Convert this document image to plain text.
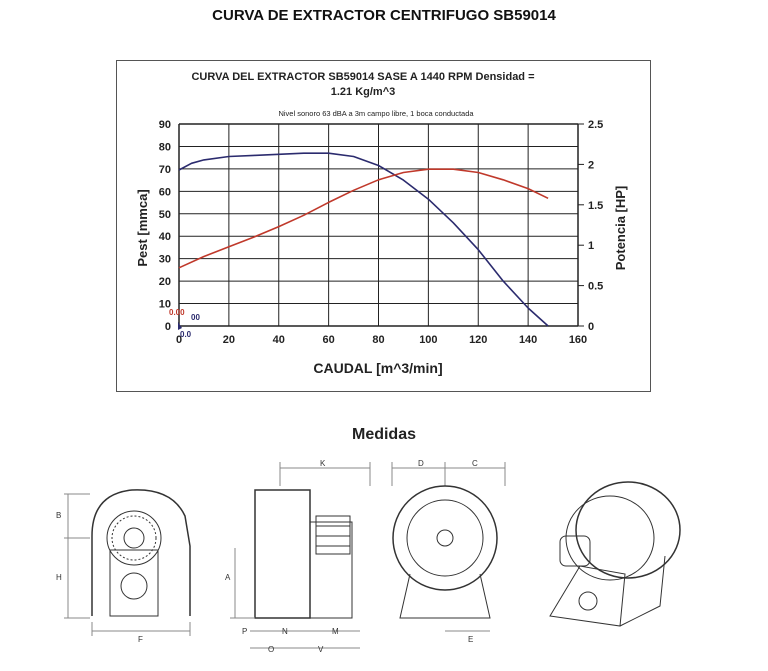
CURVA DE EXTRACTOR CENTRIFUGO SB59014
CURVA DEL EXTRACTOR SB59014 SASE A 1440 RPM Densidad =
1.21 Kg/m^3
Nivel sonoro 63 dBA a 3m campo libre, 1 boca conductada
0	20	40	60	80	100	120	140	160
0
10
20
30
40
50
60
70
80
90
0
0.5
1
1.5
2
2.5
CAUDAL [m^3/min]
Pest [mmca]	Potencia [HP]
0.00
00
0.0
Medidas
B
H
F
K
A
P	N	M
O	V
D	C
E
